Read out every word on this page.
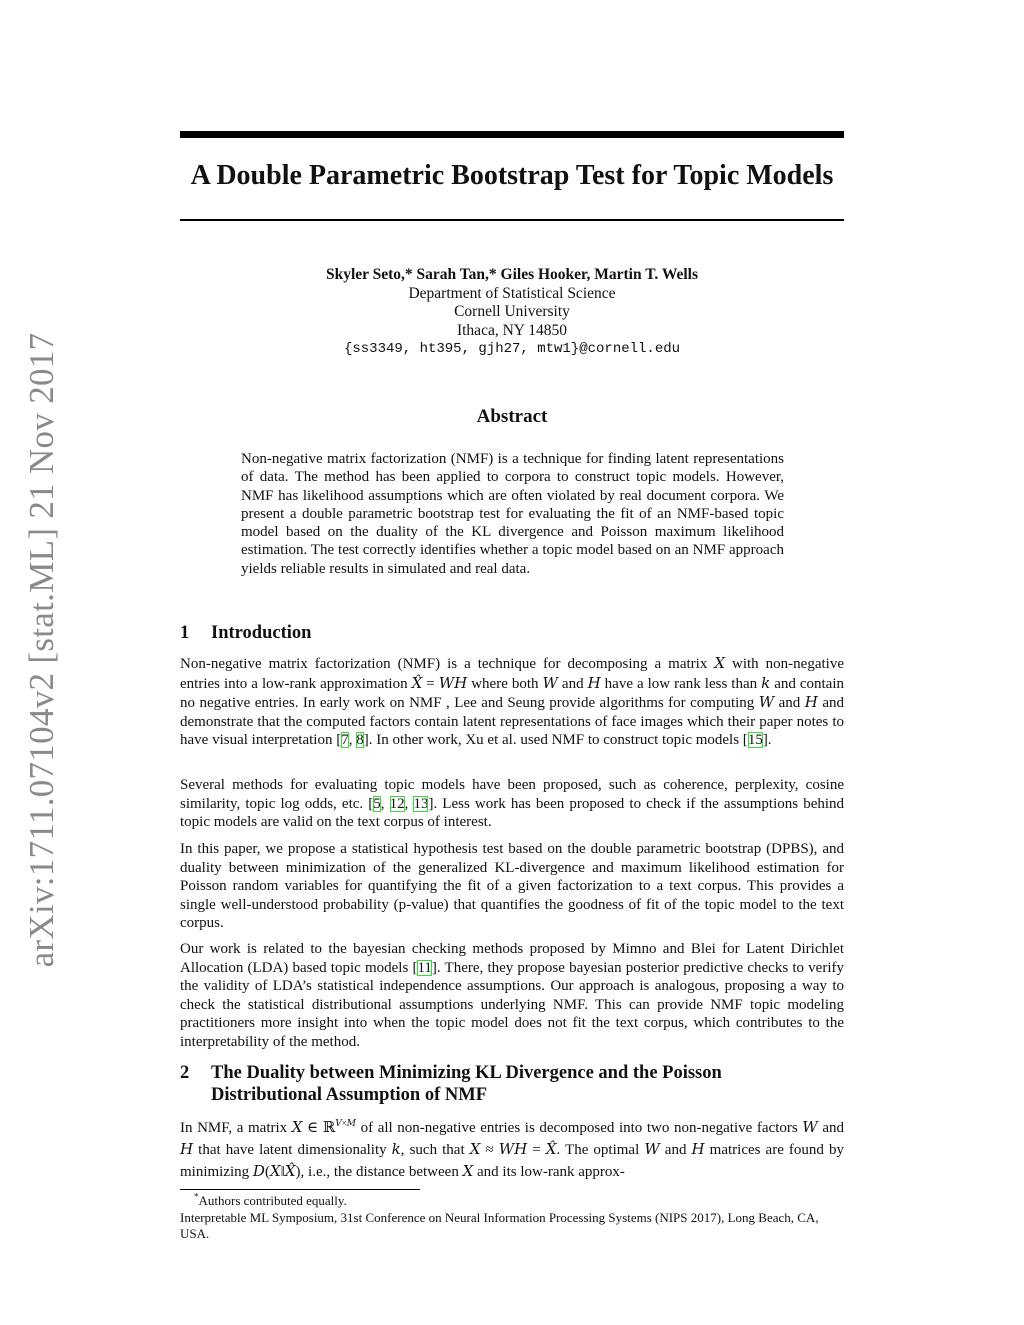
arXiv:1711.07104v2 [stat.ML] 21 Nov 2017
A Double Parametric Bootstrap Test for Topic Models
Skyler Seto,* Sarah Tan,* Giles Hooker, Martin T. Wells
Department of Statistical Science
Cornell University
Ithaca, NY 14850
{ss3349, ht395, gjh27, mtw1}@cornell.edu
Abstract

Non-negative matrix factorization (NMF) is a technique for finding latent representations of data. The method has been applied to corpora to construct topic models. However, NMF has likelihood assumptions which are often violated by real document corpora. We present a double parametric bootstrap test for evaluating the fit of an NMF-based topic model based on the duality of the KL divergence and Poisson maximum likelihood estimation. The test correctly identifies whether a topic model based on an NMF approach yields reliable results in simulated and real data.

1 Introduction

Non-negative matrix factorization (NMF) is a technique for decomposing a matrix X with non-negative entries into a low-rank approximation X̂ = WH where both W and H have a low rank less than k and contain no negative entries. In early work on NMF , Lee and Seung provide algorithms for computing W and H and demonstrate that the computed factors contain latent representations of face images which their paper notes to have visual interpretation [7, 8]. In other work, Xu et al. used NMF to construct topic models [15].

Several methods for evaluating topic models have been proposed, such as coherence, perplexity, cosine similarity, topic log odds, etc. [5, 12, 13]. Less work has been proposed to check if the assumptions behind topic models are valid on the text corpus of interest.

In this paper, we propose a statistical hypothesis test based on the double parametric bootstrap (DPBS), and duality between minimization of the generalized KL-divergence and maximum likelihood estimation for Poisson random variables for quantifying the fit of a given factorization to a text corpus. This provides a single well-understood probability (p-value) that quantifies the goodness of fit of the topic model to the text corpus.

Our work is related to the bayesian checking methods proposed by Mimno and Blei for Latent Dirichlet Allocation (LDA) based topic models [11]. There, they propose bayesian posterior predictive checks to verify the validity of LDA’s statistical independence assumptions. Our approach is analogous, proposing a way to check the statistical distributional assumptions underlying NMF. This can provide NMF topic modeling practitioners more insight into when the topic model does not fit the text corpus, which contributes to the interpretability of the method.

2 The Duality between Minimizing KL Divergence and the Poisson Distributional Assumption of NMF

In NMF, a matrix X ∈ ℝ$^{V\times M}$ of all non-negative entries is decomposed into two non-negative factors W and H that have latent dimensionality k, such that X ≈ WH = X̂. The optimal W and H matrices are found by minimizing D(X‖X̂), i.e., the distance between X and its low-rank approx-

*Authors contributed equally.

Interpretable ML Symposium, 31st Conference on Neural Information Processing Systems (NIPS 2017), Long Beach, CA, USA.
